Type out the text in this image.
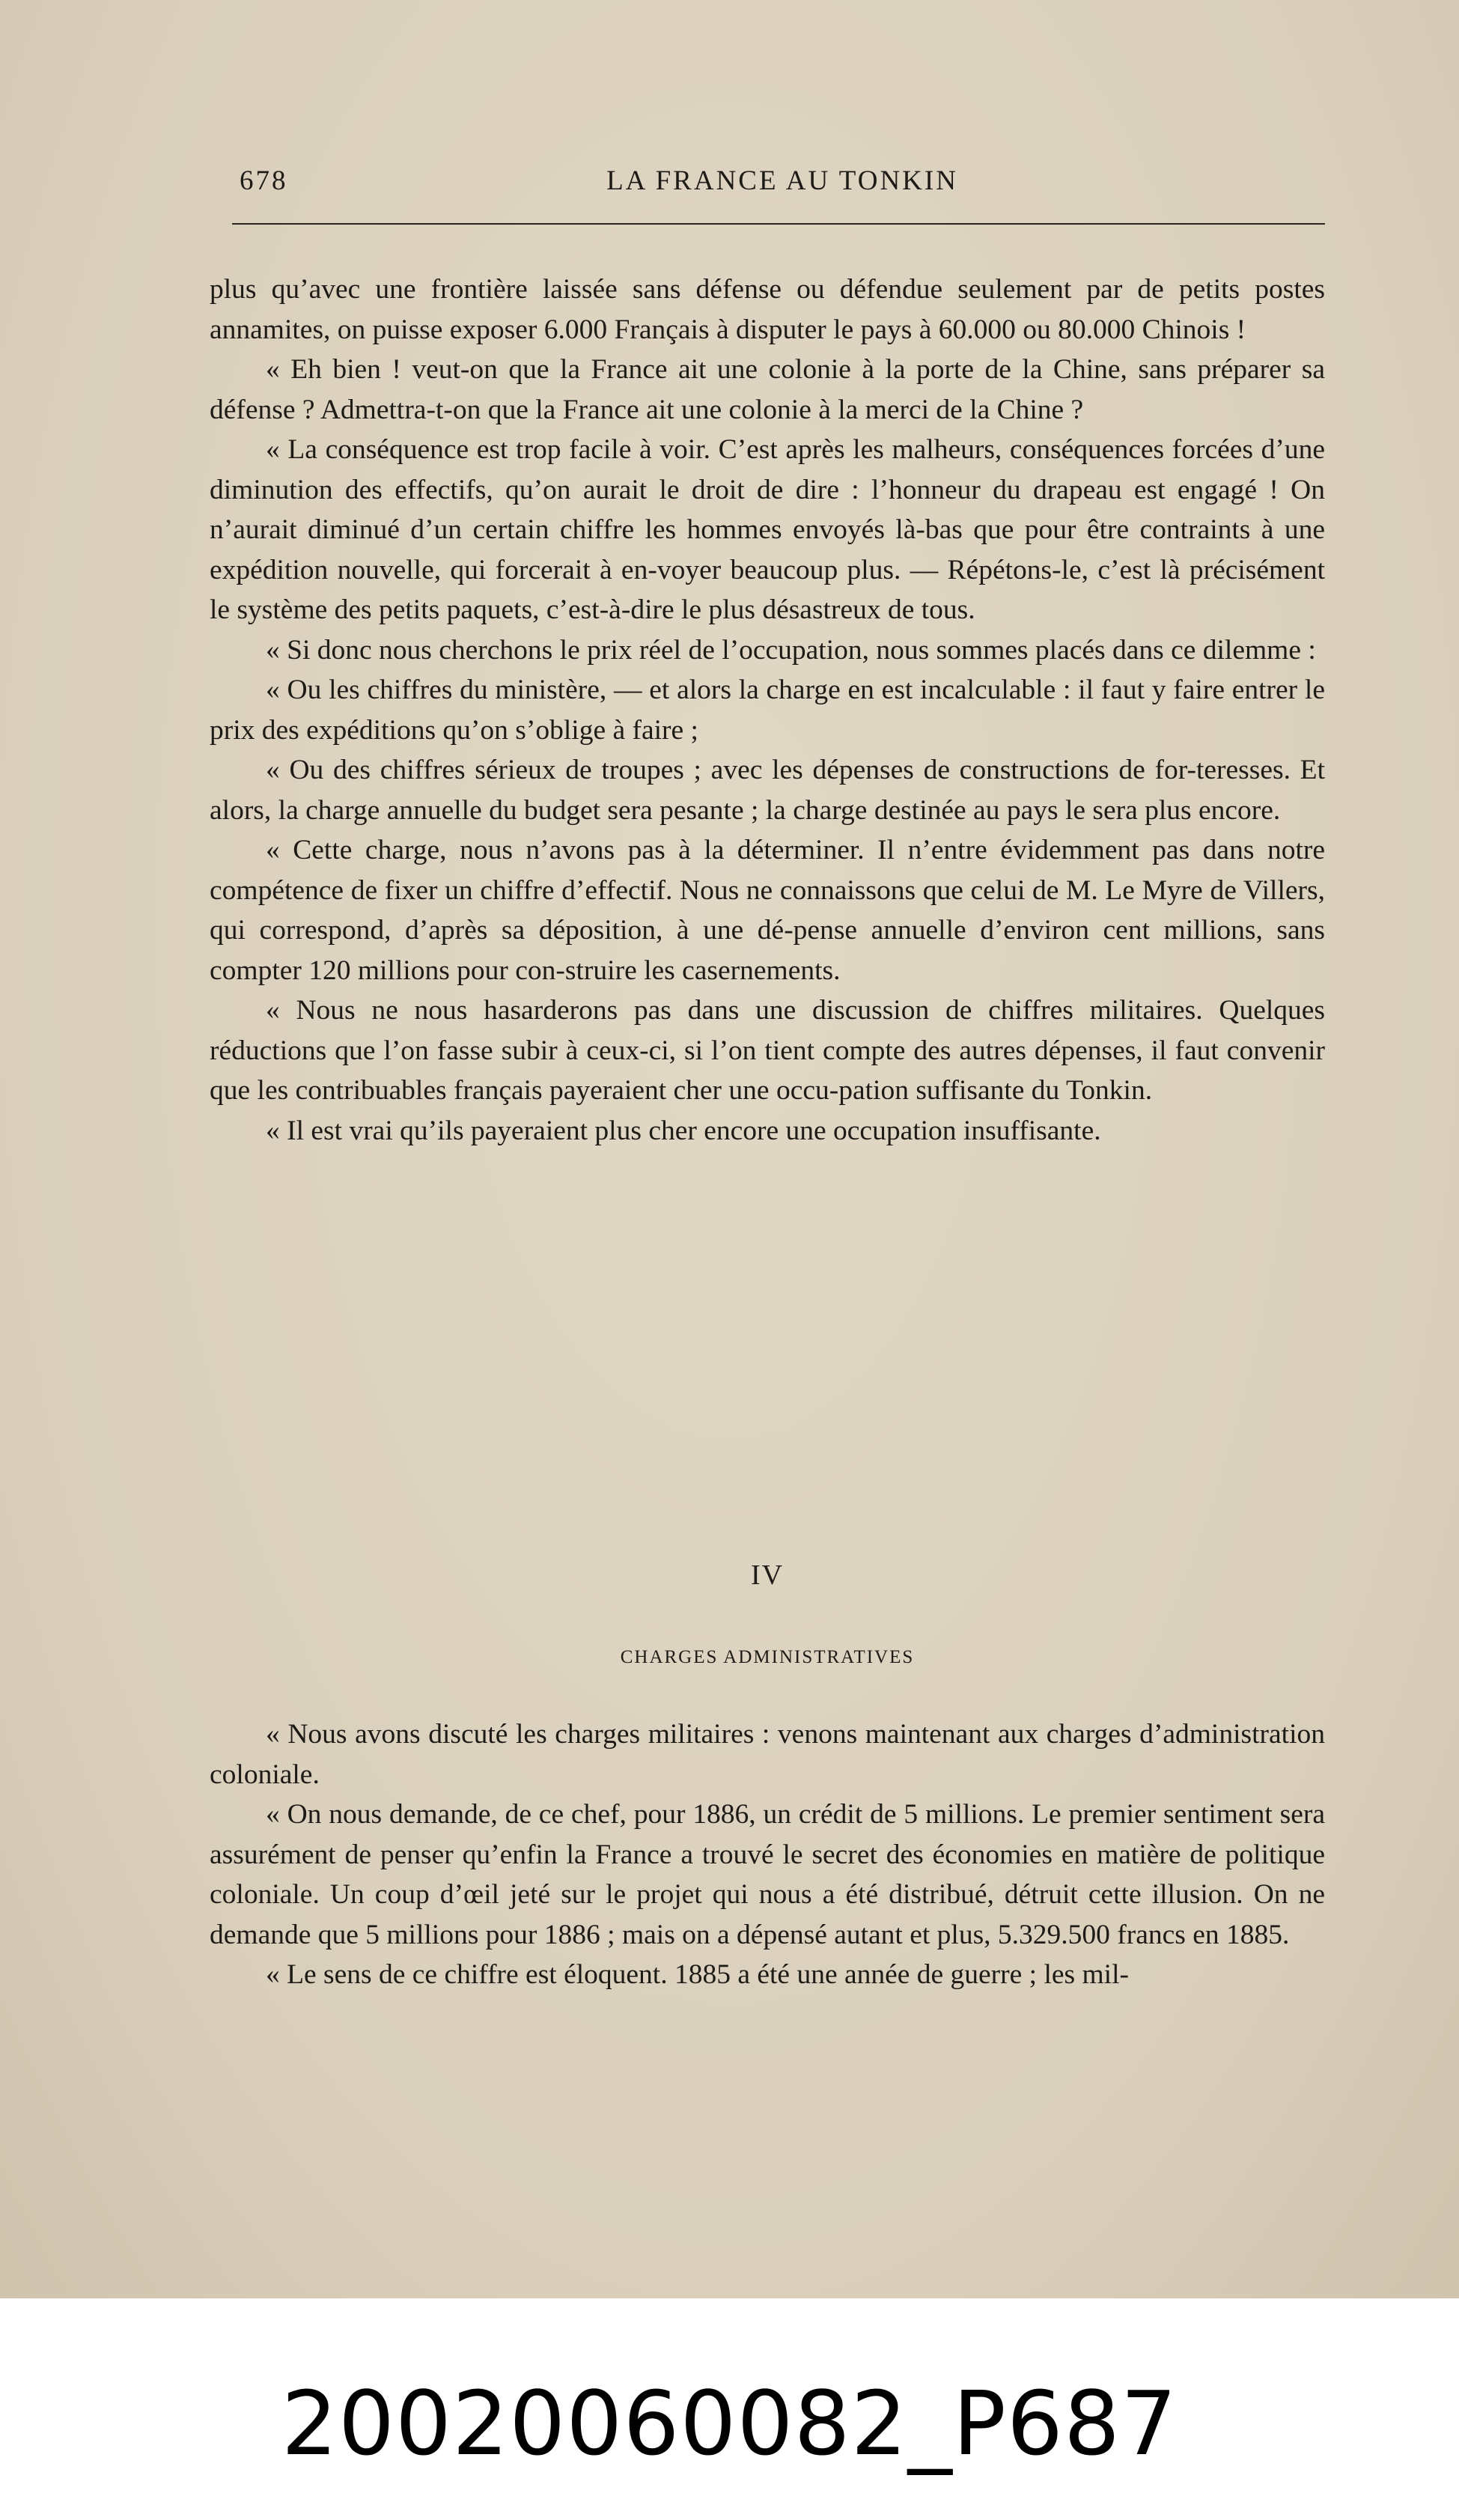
678	LA FRANCE AU TONKIN

plus qu’avec une frontière laissée sans défense ou défendue seulement par de petits postes annamites, on puisse exposer 6.000 Français à disputer le pays à 60.000 ou 80.000 Chinois !

« Eh bien ! veut-on que la France ait une colonie à la porte de la Chine, sans préparer sa défense ? Admettra-t-on que la France ait une colonie à la merci de la Chine ?

« La conséquence est trop facile à voir. C’est après les malheurs, conséquences forcées d’une diminution des effectifs, qu’on aurait le droit de dire : l’honneur du drapeau est engagé ! On n’aurait diminué d’un certain chiffre les hommes envoyés là-bas que pour être contraints à une expédition nouvelle, qui forcerait à en-voyer beaucoup plus. — Répétons-le, c’est là précisément le système des petits paquets, c’est-à-dire le plus désastreux de tous.

« Si donc nous cherchons le prix réel de l’occupation, nous sommes placés dans ce dilemme :

« Ou les chiffres du ministère, — et alors la charge en est incalculable : il faut y faire entrer le prix des expéditions qu’on s’oblige à faire ;

« Ou des chiffres sérieux de troupes ; avec les dépenses de constructions de for-teresses. Et alors, la charge annuelle du budget sera pesante ; la charge destinée au pays le sera plus encore.

« Cette charge, nous n’avons pas à la déterminer. Il n’entre évidemment pas dans notre compétence de fixer un chiffre d’effectif. Nous ne connaissons que celui de M. Le Myre de Villers, qui correspond, d’après sa déposition, à une dé-pense annuelle d’environ cent millions, sans compter 120 millions pour con-struire les casernements.

« Nous ne nous hasarderons pas dans une discussion de chiffres militaires. Quelques réductions que l’on fasse subir à ceux-ci, si l’on tient compte des autres dépenses, il faut convenir que les contribuables français payeraient cher une occu-pation suffisante du Tonkin.

« Il est vrai qu’ils payeraient plus cher encore une occupation insuffisante.

IV
CHARGES ADMINISTRATIVES

« Nous avons discuté les charges militaires : venons maintenant aux charges d’administration coloniale.

« On nous demande, de ce chef, pour 1886, un crédit de 5 millions. Le premier sentiment sera assurément de penser qu’enfin la France a trouvé le secret des économies en matière de politique coloniale. Un coup d’œil jeté sur le projet qui nous a été distribué, détruit cette illusion. On ne demande que 5 millions pour 1886 ; mais on a dépensé autant et plus, 5.329.500 francs en 1885.

« Le sens de ce chiffre est éloquent. 1885 a été une année de guerre ; les mil-

20020060082_P687
